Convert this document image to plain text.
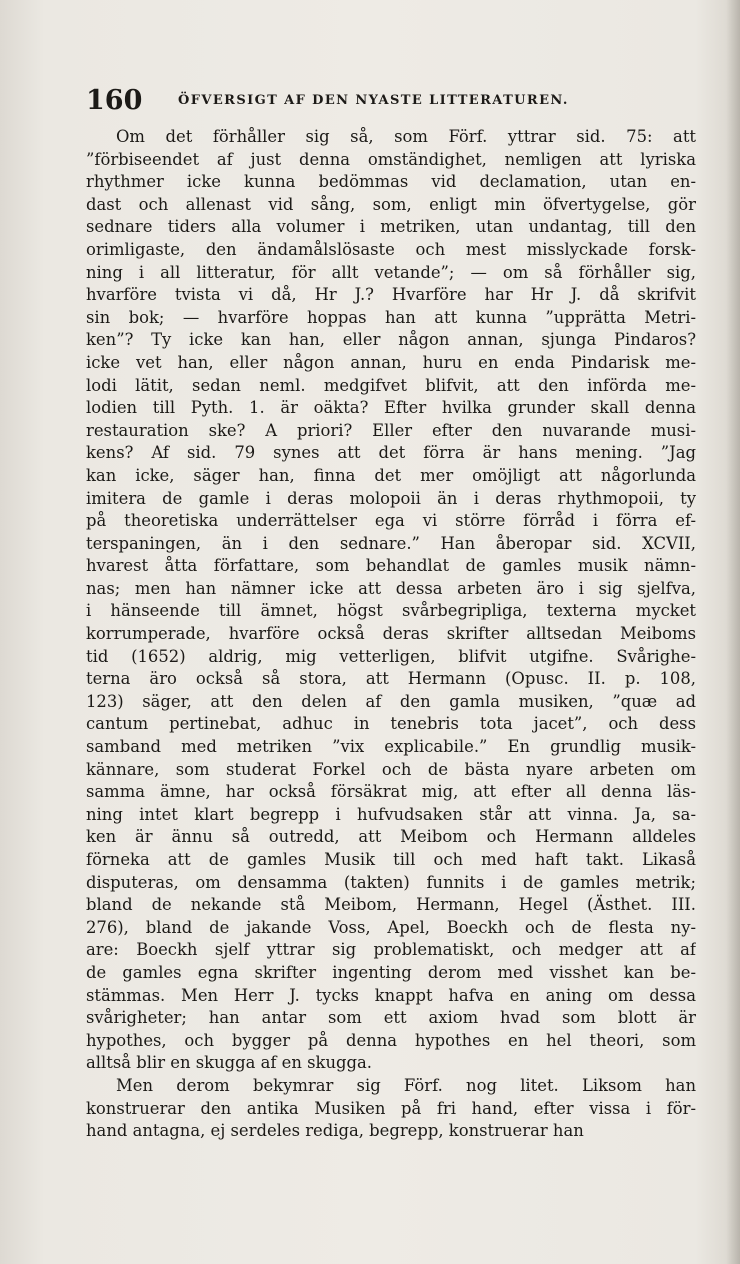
160	ÖFVERSIGT AF DEN NYASTE LITTERATUREN.
Om det förhåller sig så, som Förf. yttrar sid. 75: att
”förbiseendet af just denna omständighet, nemligen att lyriska
rhythmer icke kunna bedömmas vid declamation, utan en-
dast och allenast vid sång, som, enligt min öfvertygelse, gör
sednare tiders alla volumer i metriken, utan undantag, till den
orimligaste, den ändamålslösaste och mest misslyckade forsk-
ning i all litteratur, för allt vetande”; — om så förhåller sig,
hvarföre tvista vi då, Hr J.? Hvarföre har Hr J. då skrifvit
sin bok; — hvarföre hoppas han att kunna ”upprätta Metri-
ken”? Ty icke kan han, eller någon annan, sjunga Pindaros?
icke vet han, eller någon annan, huru en enda Pindarisk me-
lodi lätit, sedan neml. medgifvet blifvit, att den införda me-
lodien till Pyth. 1. är oäkta? Efter hvilka grunder skall denna
restauration ske? A priori? Eller efter den nuvarande musi-
kens? Af sid. 79 synes att det förra är hans mening. ”Jag
kan icke, säger han, finna det mer omöjligt att någorlunda
imitera de gamle i deras molopoii än i deras rhythmopoii, ty
på theoretiska underrättelser ega vi större förråd i förra ef-
terspaningen, än i den sednare.” Han åberopar sid. XCVII,
hvarest åtta författare, som behandlat de gamles musik nämn-
nas; men han nämner icke att dessa arbeten äro i sig sjelfva,
i hänseende till ämnet, högst svårbegripliga, texterna mycket
korrumperade, hvarföre också deras skrifter alltsedan Meiboms
tid (1652) aldrig, mig vetterligen, blifvit utgifne. Svårighe-
terna äro också så stora, att Hermann (Opusc. II. p. 108,
123) säger, att den delen af den gamla musiken, ”quæ ad
cantum pertinebat, adhuc in tenebris tota jacet”, och dess
samband med metriken ”vix explicabile.” En grundlig musik-
kännare, som studerat Forkel och de bästa nyare arbeten om
samma ämne, har också försäkrat mig, att efter all denna läs-
ning intet klart begrepp i hufvudsaken står att vinna. Ja, sa-
ken är ännu så outredd, att Meibom och Hermann alldeles
förneka att de gamles Musik till och med haft takt. Likaså
disputeras, om densamma (takten) funnits i de gamles metrik;
bland de nekande stå Meibom, Hermann, Hegel (Ästhet. III.
276), bland de jakande Voss, Apel, Boeckh och de flesta ny-
are: Boeckh sjelf yttrar sig problematiskt, och medger att af
de gamles egna skrifter ingenting derom med visshet kan be-
stämmas. Men Herr J. tycks knappt hafva en aning om dessa
svårigheter; han antar som ett axiom hvad som blott är
hypothes, och bygger på denna hypothes en hel theori, som
alltså blir en skugga af en skugga.
Men derom bekymrar sig Förf. nog litet. Liksom han
konstruerar den antika Musiken på fri hand, efter vissa i för-
hand antagna, ej serdeles rediga, begrepp, konstruerar han
